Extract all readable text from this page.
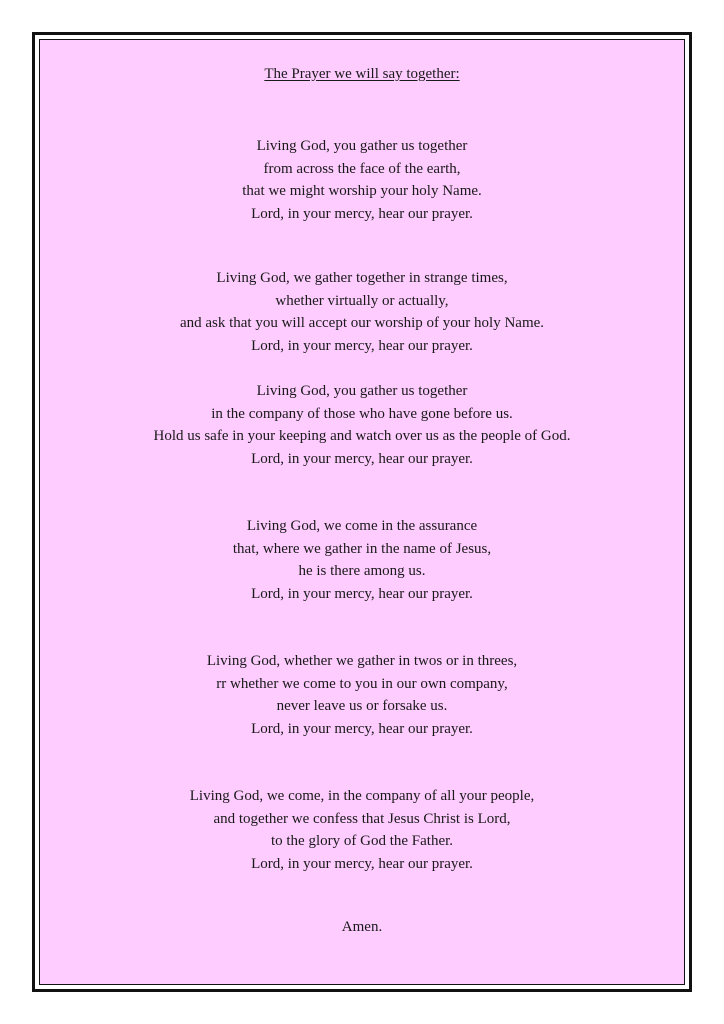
The Prayer we will say together:
Living God, you gather us together
from across the face of the earth,
that we might worship your holy Name.
Lord, in your mercy, hear our prayer.
Living God, we gather together in strange times,
whether virtually or actually,
and ask that you will accept our worship of your holy Name.
Lord, in your mercy, hear our prayer.
Living God, you gather us together
in the company of those who have gone before us.
Hold us safe in your keeping and watch over us as the people of God.
Lord, in your mercy, hear our prayer.
Living God, we come in the assurance
that, where we gather in the name of Jesus,
he is there among us.
Lord, in your mercy, hear our prayer.
Living God, whether we gather in twos or in threes,
rr whether we come to you in our own company,
never leave us or forsake us.
Lord, in your mercy, hear our prayer.
Living God, we come, in the company of all your people,
and together we confess that Jesus Christ is Lord,
to the glory of God the Father.
Lord, in your mercy, hear our prayer.
Amen.
